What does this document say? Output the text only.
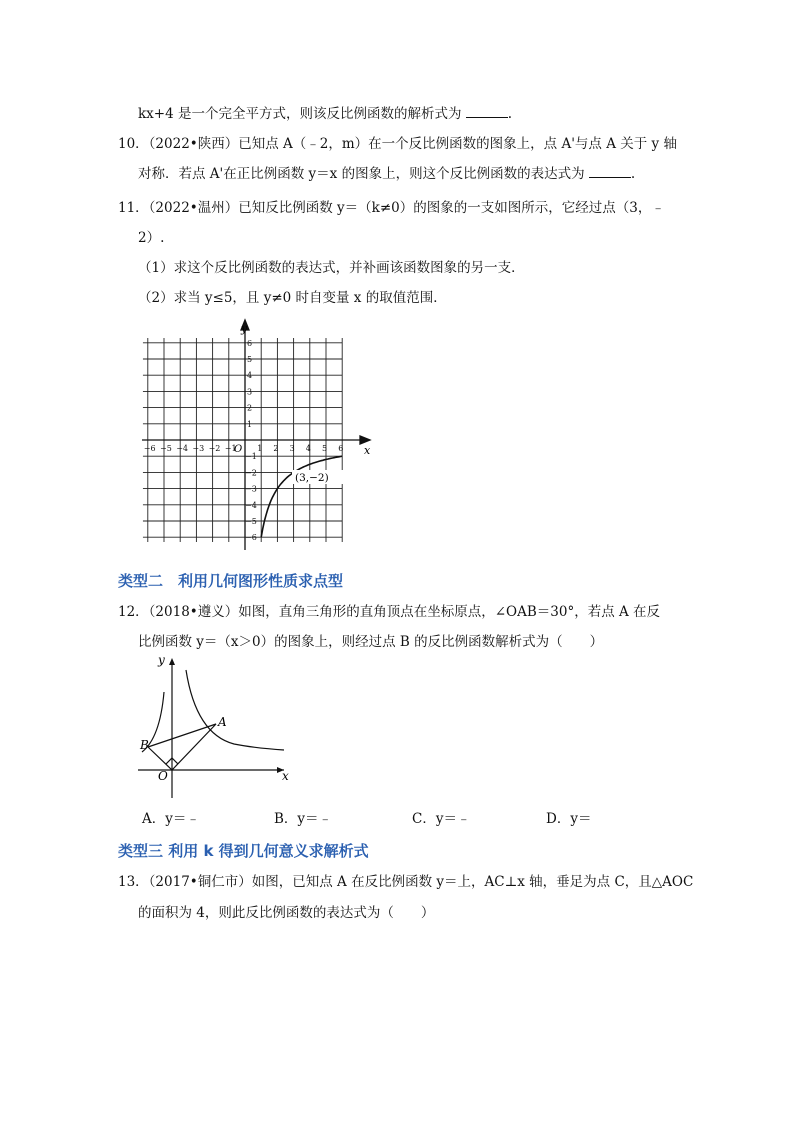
kx+4 是一个完全平方式，则该反比例函数的解析式为	.
10．（2022•陕西）已知点 A（﹣2，m）在一个反比例函数的图象上，点 A'与点 A 关于 y 轴
对称．若点 A'在正比例函数 y＝x 的图象上，则这个反比例函数的表达式为	.
11．（2022•温州）已知反比例函数 y＝（k≠0）的图象的一支如图所示，它经过点（3，﹣
2）.
（1）求这个反比例函数的表达式，并补画该函数图象的另一支．
（2）求当 y≤5，且 y≠0 时自变量 x 的取值范围．
−6 −5 −4 −3 −2 −1	1 2 3 4 5 6
6
5
4
3
2
1
−1
−2
−3
−4
−5
−6
y
x
O
(3,−2)
类型二　利用几何图形性质求点型
12．（2018•遵义）如图，直角三角形的直角顶点在坐标原点，∠OAB＝30°，若点 A 在反
比例函数 y＝（x＞0）的图象上，则经过点 B 的反比例函数解析式为（　　）
y
x
O
A
B
A．y＝﹣	B．y＝﹣	C．y＝﹣	D．y＝
类型三 利用 k 得到几何意义求解析式
13．（2017•铜仁市）如图，已知点 A 在反比例函数 y＝上，AC⊥x 轴，垂足为点 C，且△AOC
的面积为 4，则此反比例函数的表达式为（　　）
